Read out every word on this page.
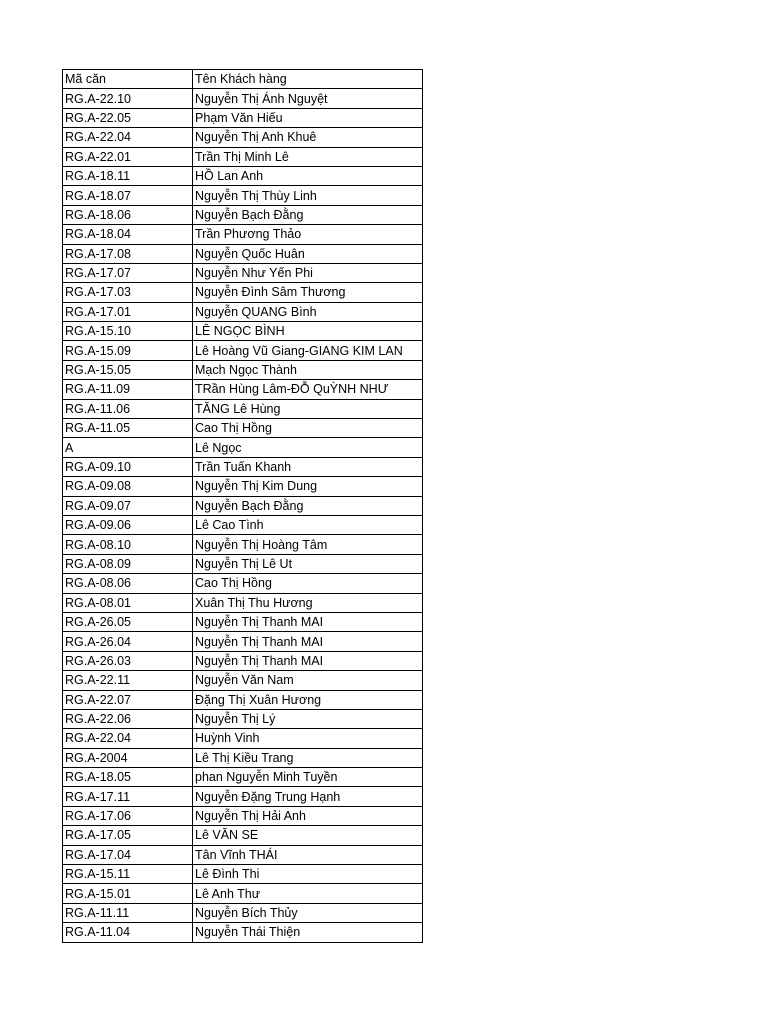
Mã căn	Tên Khách hàng
RG.A-22.10	Nguyễn Thị Ánh Nguyệt
RG.A-22.05	Phạm Văn Hiếu
RG.A-22.04	Nguyễn Thị Anh Khuê
RG.A-22.01	Trần Thị Minh Lê
RG.A-18.11	HỒ Lan Anh
RG.A-18.07	Nguyễn Thị Thùy Linh
RG.A-18.06	Nguyễn Bạch Đằng
RG.A-18.04	Trần Phương Thảo
RG.A-17.08	Nguyễn Quốc Huân
RG.A-17.07	Nguyễn Như Yến Phi
RG.A-17.03	Nguyễn Đình Sâm Thương
RG.A-17.01	Nguyễn QUANG Bình
RG.A-15.10	LÊ NGỌC BÌNH
RG.A-15.09	Lê Hoàng Vũ Giang-GIANG KIM LAN
RG.A-15.05	Mạch Ngọc Thành
RG.A-11.09	TRần Hùng Lâm-ĐỖ QuỲNH NHƯ
RG.A-11.06	TĂNG Lê Hùng
RG.A-11.05	Cao Thị Hồng
A	Lê Ngọc
RG.A-09.10	Trần Tuấn Khanh
RG.A-09.08	Nguyễn Thị Kim Dung
RG.A-09.07	Nguyễn Bạch Đằng
RG.A-09.06	Lê Cao Tình
RG.A-08.10	Nguyễn Thị Hoàng Tâm
RG.A-08.09	Nguyễn Thị Lê Ut
RG.A-08.06	Cao Thị Hồng
RG.A-08.01	Xuân Thị Thu Hương
RG.A-26.05	Nguyễn Thị Thanh MAI
RG.A-26.04	Nguyễn Thị Thanh MAI
RG.A-26.03	Nguyễn Thị Thanh MAI
RG.A-22.11	Nguyễn Văn Nam
RG.A-22.07	Đặng Thị Xuân Hương
RG.A-22.06	Nguyễn Thị Lý
RG.A-22.04	Huỳnh Vinh
RG.A-2004	Lê Thị Kiều Trang
RG.A-18.05	phan Nguyễn Minh Tuyền
RG.A-17.11	Nguyễn Đặng Trung Hạnh
RG.A-17.06	Nguyễn Thị Hải Anh
RG.A-17.05	Lê VĂN SE
RG.A-17.04	Tân Vĩnh THÁI
RG.A-15.11	Lê Đình Thi
RG.A-15.01	Lê Anh Thư
RG.A-11.11	Nguyễn Bích Thủy
RG.A-11.04	Nguyễn Thái Thiện
